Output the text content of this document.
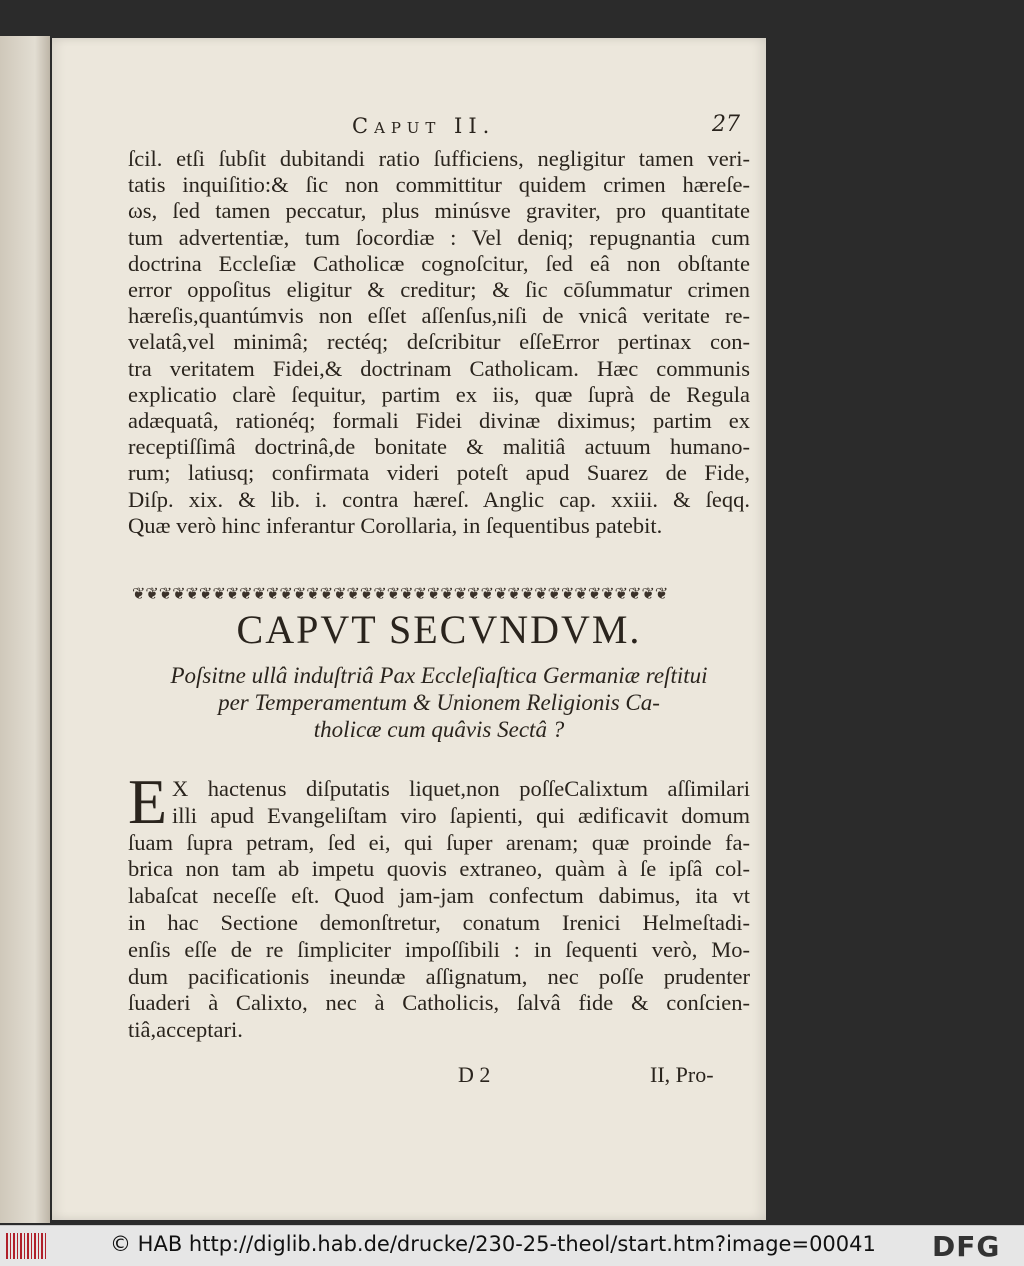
Caput II.	27
ſcil. etſi ſubſit dubitandi ratio ſufficiens, negligitur tamen veri-
tatis inquiſitio:& ſic non committitur quidem crimen hæreſe-
ωs, ſed tamen peccatur, plus minúsve graviter, pro quantitate
tum advertentiæ, tum ſocordiæ : Vel deniq; repugnantia cum
doctrina Eccleſiæ Catholicæ cognoſcitur, ſed eâ non obſtante
error oppoſitus eligitur & creditur; & ſic cōſummatur crimen
hæreſis,quantúmvis non eſſet aſſenſus,niſi de vnicâ veritate re-
velatâ,vel minimâ; rectéq; deſcribitur eſſeError pertinax con-
tra veritatem Fidei,& doctrinam Catholicam. Hæc communis
explicatio clarè ſequitur, partim ex iis, quæ ſuprà de Regula
adæquatâ, rationéq; formali Fidei divinæ diximus; partim ex
receptiſſimâ doctrinâ,de bonitate & malitiâ actuum humano-
rum; latiusq; confirmata videri poteſt apud Suarez de Fide,
Diſp. xix. & lib. i. contra hæreſ. Anglic cap. xxiii. & ſeqq.
Quæ verò hinc inferantur Corollaria, in ſequentibus patebit.
❦❦❦❦❦❦❦❦❦❦❦❦❦❦❦❦❦❦❦❦❦❦❦❦❦❦❦❦❦❦❦❦❦❦❦❦❦❦❦❦
CAPVT SECVNDVM.
Poſsitne ullâ induſtriâ Pax Eccleſiaſtica Germaniæ reſtitui
per Temperamentum & Unionem Religionis Ca-
tholicæ cum quâvis Sectâ ?
E X hactenus diſputatis liquet,non poſſeCalixtum aſſimilari
illi apud Evangeliſtam viro ſapienti, qui ædificavit domum
ſuam ſupra petram, ſed ei, qui ſuper arenam; quæ proinde fa-
brica non tam ab impetu quovis extraneo, quàm à ſe ipſâ col-
labaſcat neceſſe eſt. Quod jam-jam confectum dabimus, ita vt
in hac Sectione demonſtretur, conatum Irenici Helmeſtadi-
enſis eſſe de re ſimpliciter impoſſibili : in ſequenti verò, Mo-
dum pacificationis ineundæ aſſignatum, nec poſſe prudenter
ſuaderi à Calixto, nec à Catholicis, ſalvâ fide & conſcien-
tiâ,acceptari.
D 2	II, Pro-
© HAB http://diglib.hab.de/drucke/230-25-theol/start.htm?image=00041 DFG
